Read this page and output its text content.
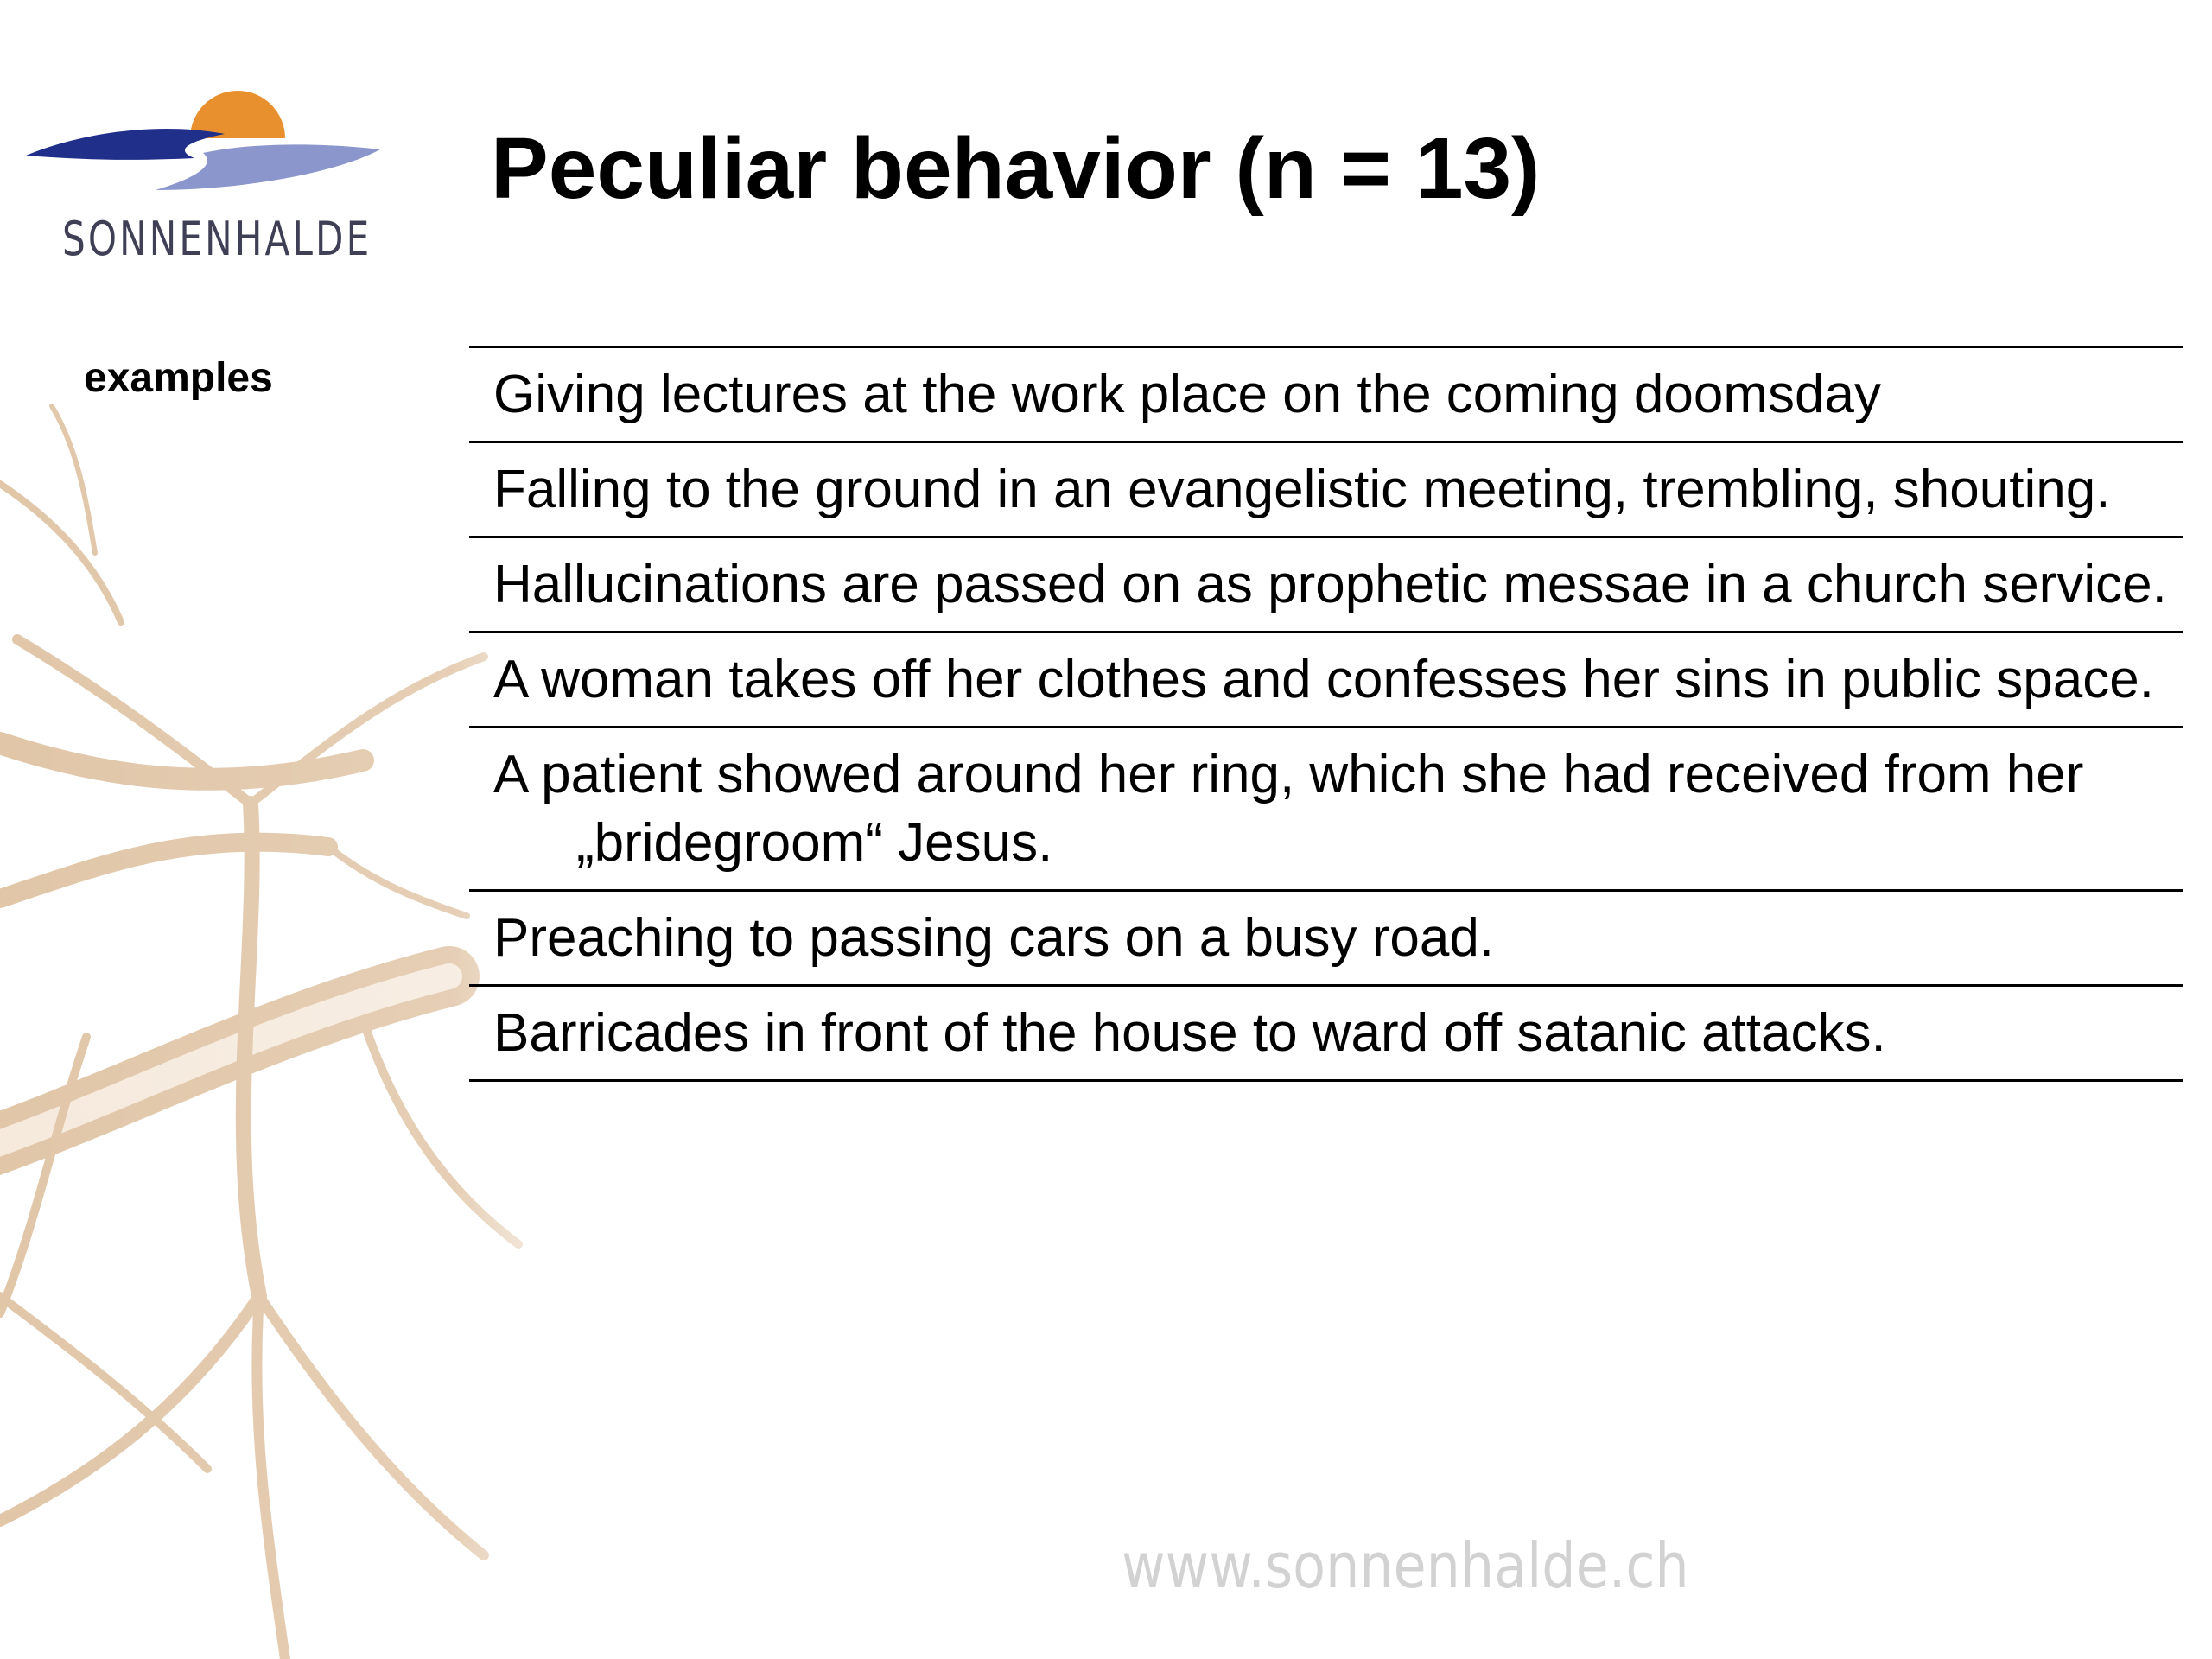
SONNENHALDE
Peculiar behavior (n = 13)
examples	Giving lectures at the work place on the coming doomsday
Falling to the ground in an evangelistic meeting, trembling, shouting.
Hallucinations are passed on as prophetic messae in a church service.
A woman takes off her clothes and confesses her sins in public space.
A patient showed around her ring, which she had received from her „bridegroom“ Jesus.
Preaching to passing cars on a busy road.
Barricades in front of the house to ward off satanic attacks.
www.sonnenhalde.ch
